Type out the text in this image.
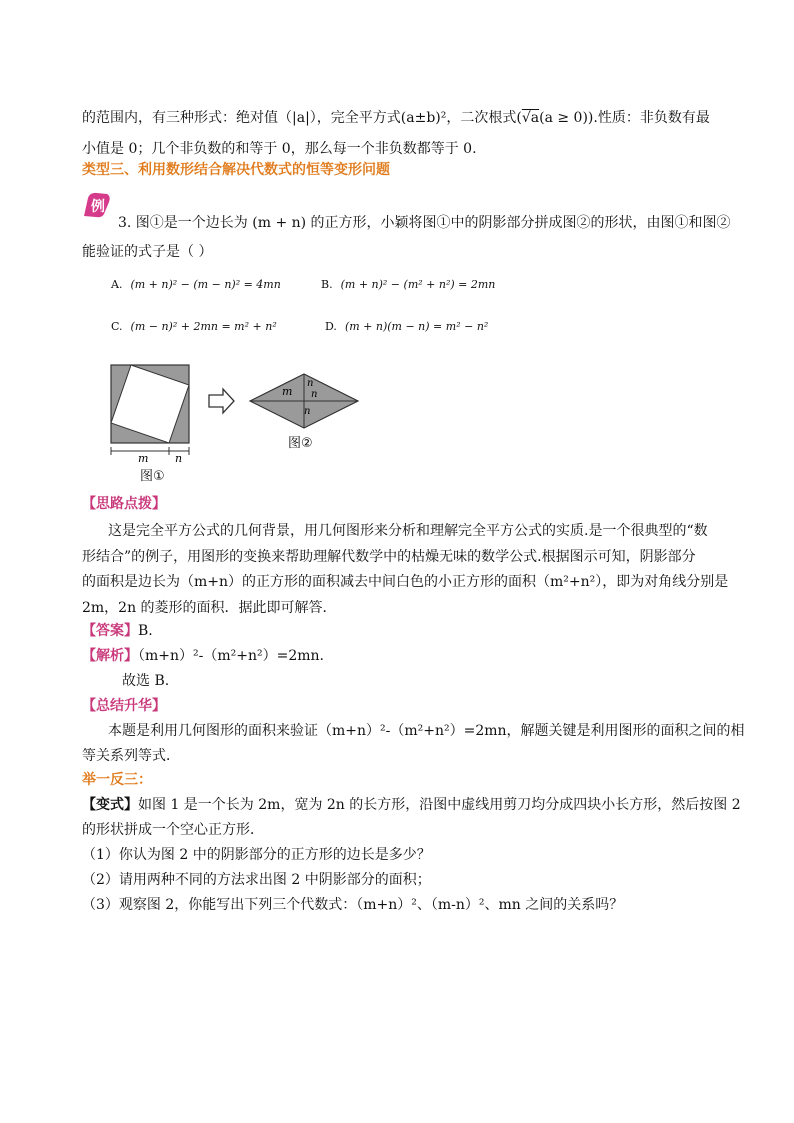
的范围内，有三种形式：绝对值（|a|），完全平方式(a±b)²，二次根式(√a(a ≥ 0)).性质：非负数有最
小值是 0；几个非负数的和等于 0，那么每一个非负数都等于 0.
类型三、利用数形结合解决代数式的恒等变形问题
例
3. 图①是一个边长为 (m + n) 的正方形，小颖将图①中的阴影部分拼成图②的形状，由图①和图②
能验证的式子是（ ）
A. (m + n)² − (m − n)² = 4mn	B. (m + n)² − (m² + n²) = 2mn
C. (m − n)² + 2mn = m² + n²	D. (m + n)(m − n) = m² − n²
m n
图①
m
n
n
n
图②
【思路点拨】
这是完全平方公式的几何背景，用几何图形来分析和理解完全平方公式的实质.是一个很典型的“数
形结合”的例子，用图形的变换来帮助理解代数学中的枯燥无味的数学公式.根据图示可知，阴影部分
的面积是边长为（m+n）的正方形的面积减去中间白色的小正方形的面积（m²+n²），即为对角线分别是
2m，2n 的菱形的面积．据此即可解答．
【答案】B.
【解析】（m+n）²-（m²+n²）=2mn.
故选 B.
【总结升华】
本题是利用几何图形的面积来验证（m+n）²-（m²+n²）=2mn，解题关键是利用图形的面积之间的相
等关系列等式．
举一反三：
【变式】如图 1 是一个长为 2m，宽为 2n 的长方形，沿图中虚线用剪刀均分成四块小长方形，然后按图 2
的形状拼成一个空心正方形．
（1）你认为图 2 中的阴影部分的正方形的边长是多少？
（2）请用两种不同的方法求出图 2 中阴影部分的面积；
（3）观察图 2，你能写出下列三个代数式：（m+n）²、（m-n）²、mn 之间的关系吗？
